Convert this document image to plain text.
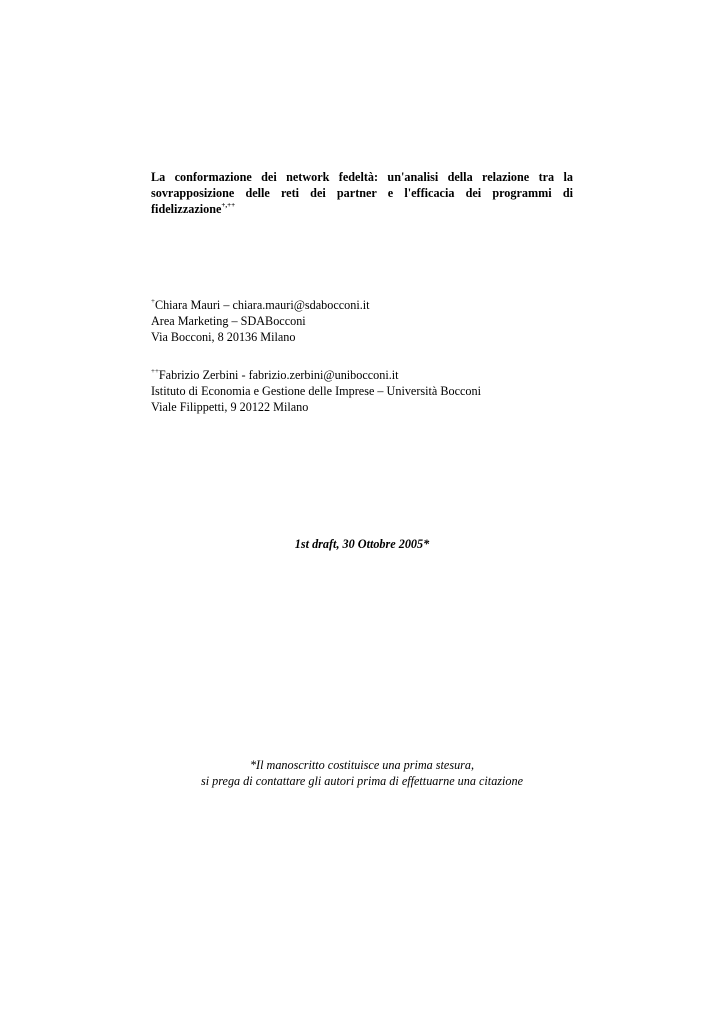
La conformazione dei network fedeltà: un'analisi della relazione tra la sovrapposizione delle reti dei partner e l'efficacia dei programmi di fidelizzazione+,++
+Chiara Mauri – chiara.mauri@sdabocconi.it
Area Marketing – SDABocconi
Via Bocconi, 8 20136 Milano
++Fabrizio Zerbini - fabrizio.zerbini@unibocconi.it
Istituto di Economia e Gestione delle Imprese – Università Bocconi
Viale Filippetti, 9 20122 Milano
1st draft, 30 Ottobre 2005*
*Il manoscritto costituisce una prima stesura,
si prega di contattare gli autori prima di effettuarne una citazione
